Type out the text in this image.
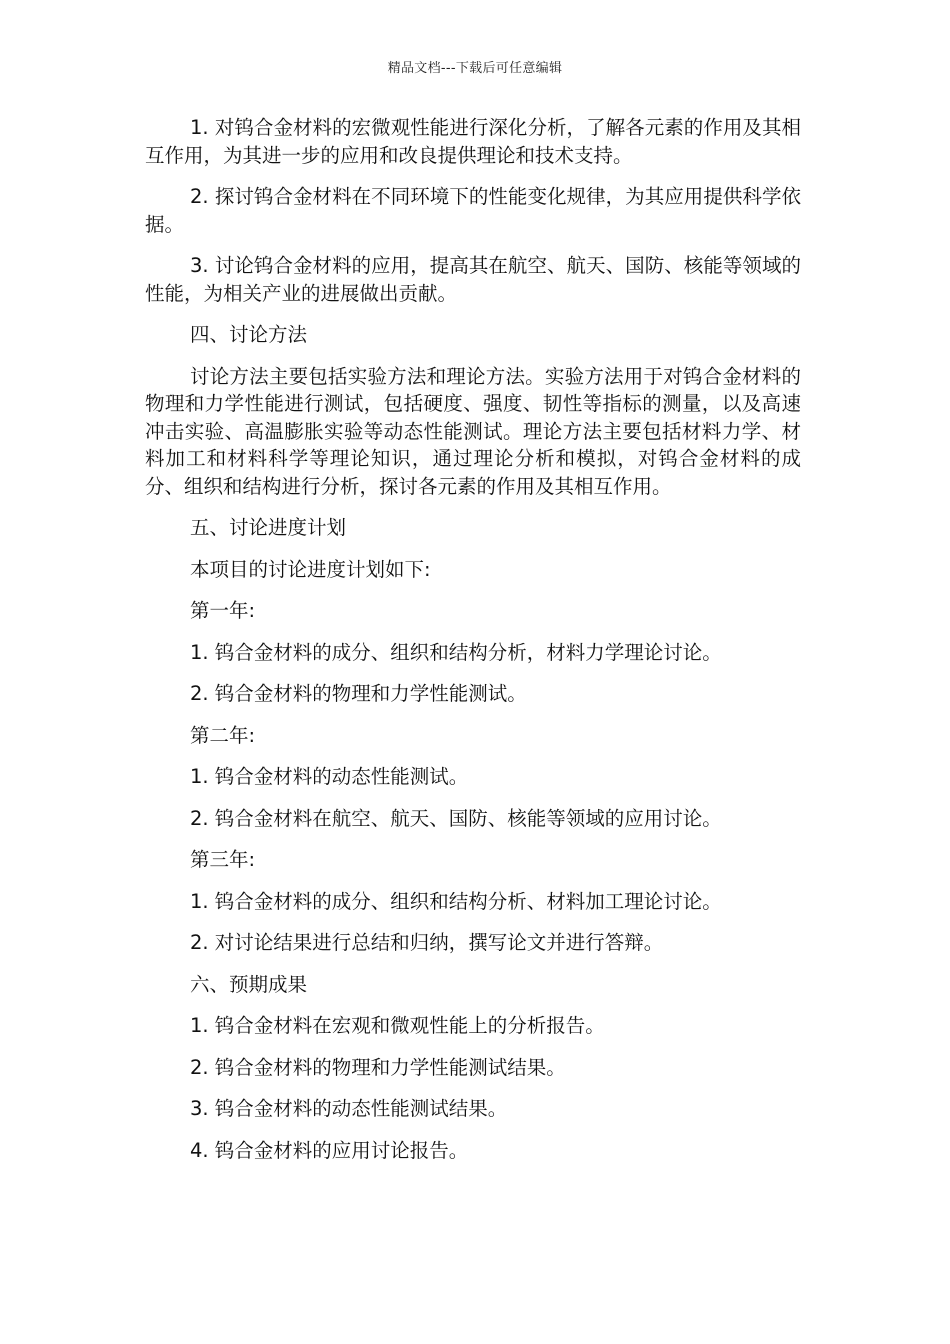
精品文档---下载后可任意编辑

1. 对钨合金材料的宏微观性能进行深化分析，了解各元素的作用及其相互作用，为其进一步的应用和改良提供理论和技术支持。

2. 探讨钨合金材料在不同环境下的性能变化规律，为其应用提供科学依据。

3. 讨论钨合金材料的应用，提高其在航空、航天、国防、核能等领域的性能，为相关产业的进展做出贡献。

四、讨论方法

讨论方法主要包括实验方法和理论方法。实验方法用于对钨合金材料的物理和力学性能进行测试，包括硬度、强度、韧性等指标的测量，以及高速冲击实验、高温膨胀实验等动态性能测试。理论方法主要包括材料力学、材料加工和材料科学等理论知识，通过理论分析和模拟，对钨合金材料的成分、组织和结构进行分析，探讨各元素的作用及其相互作用。

五、讨论进度计划

本项目的讨论进度计划如下:

第一年:

1. 钨合金材料的成分、组织和结构分析，材料力学理论讨论。

2. 钨合金材料的物理和力学性能测试。

第二年:

1. 钨合金材料的动态性能测试。

2. 钨合金材料在航空、航天、国防、核能等领域的应用讨论。

第三年:

1. 钨合金材料的成分、组织和结构分析、材料加工理论讨论。

2. 对讨论结果进行总结和归纳，撰写论文并进行答辩。

六、预期成果

1. 钨合金材料在宏观和微观性能上的分析报告。

2. 钨合金材料的物理和力学性能测试结果。

3. 钨合金材料的动态性能测试结果。

4. 钨合金材料的应用讨论报告。
